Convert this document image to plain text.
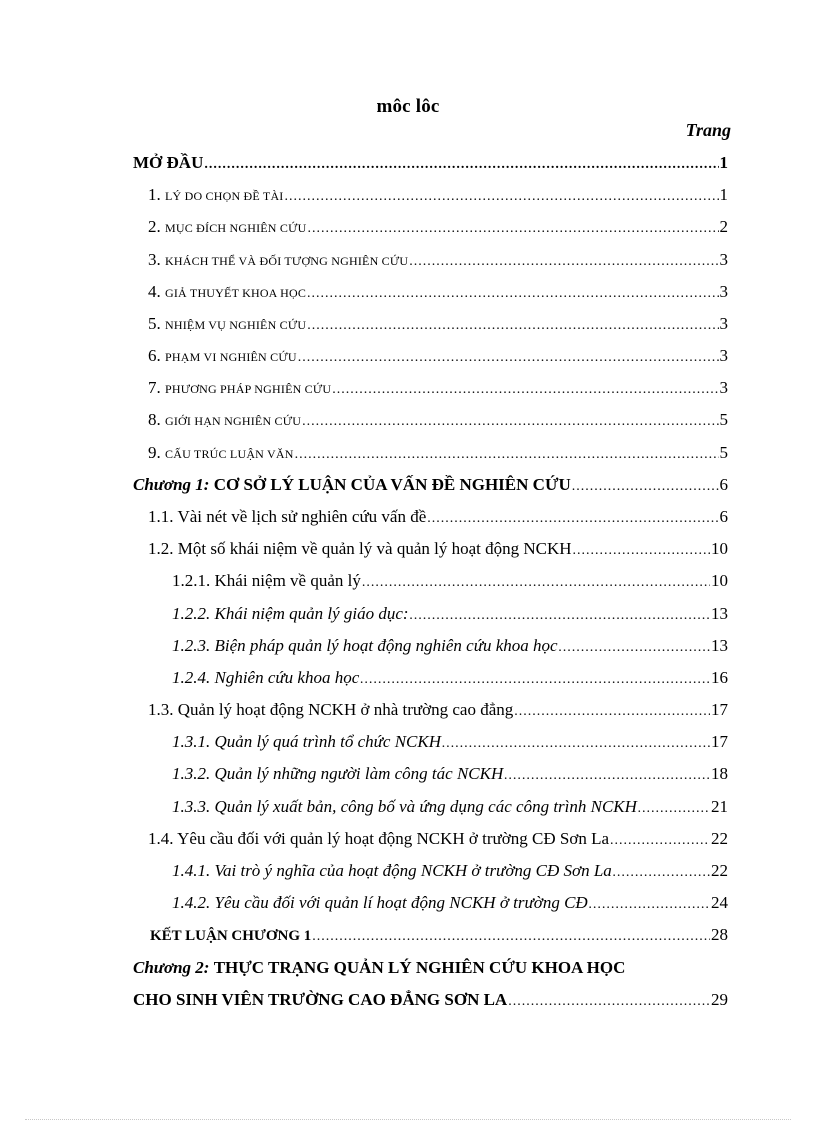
môc lôc
Trang
MỞ ĐẦU .....	1
1. LÝ DO CHỌN ĐỀ TÀI .....	1
2. MỤC ĐÍCH NGHIÊN CỨU .....	2
3. KHÁCH THỂ VÀ ĐỐI TƯỢNG NGHIÊN CỨU .....	3
4. GIẢ THUYẾT KHOA HỌC .....	3
5. NHIỆM VỤ NGHIÊN CỨU .....	3
6. PHẠM VI NGHIÊN CỨU .....	3
7. PHƯƠNG PHÁP NGHIÊN CỨU .....	3
8. GIỚI HẠN NGHIÊN CỨU .....	5
9. CẤU TRÚC LUẬN VĂN .....	5
Chương 1: CƠ SỞ LÝ LUẬN CỦA VẤN ĐỀ NGHIÊN CỨU .....	6
1.1. Vài nét về lịch sử nghiên cứu vấn đề .....	6
1.2. Một số khái niệm về quản lý và quản lý hoạt động NCKH .....	10
1.2.1. Khái niệm về quản lý .....	10
1.2.2. Khái niệm quản lý giáo dục: .....	13
1.2.3. Biện pháp quản lý hoạt động nghiên cứu khoa học .....	13
1.2.4. Nghiên cứu khoa học .....	16
1.3. Quản lý hoạt động NCKH ở nhà trường cao đẳng .....	17
1.3.1. Quản lý quá trình tổ chức NCKH .....	17
1.3.2. Quản lý những người làm công tác NCKH .....	18
1.3.3. Quản lý xuất bản, công bố và ứng dụng các công trình NCKH .....	21
1.4. Yêu cầu đối với quản lý hoạt động NCKH ở trường CĐ Sơn La .....	22
1.4.1. Vai trò ý nghĩa của hoạt động NCKH ở trường CĐ Sơn La .....	22
1.4.2. Yêu cầu đối với quản lí hoạt động NCKH ở trường CĐ .....	24
KẾT LUẬN CHƯƠNG 1 .....	28
Chương 2: THỰC TRẠNG QUẢN LÝ NGHIÊN CỨU KHOA HỌC
CHO SINH VIÊN TRƯỜNG CAO ĐẲNG SƠN LA .....	29
